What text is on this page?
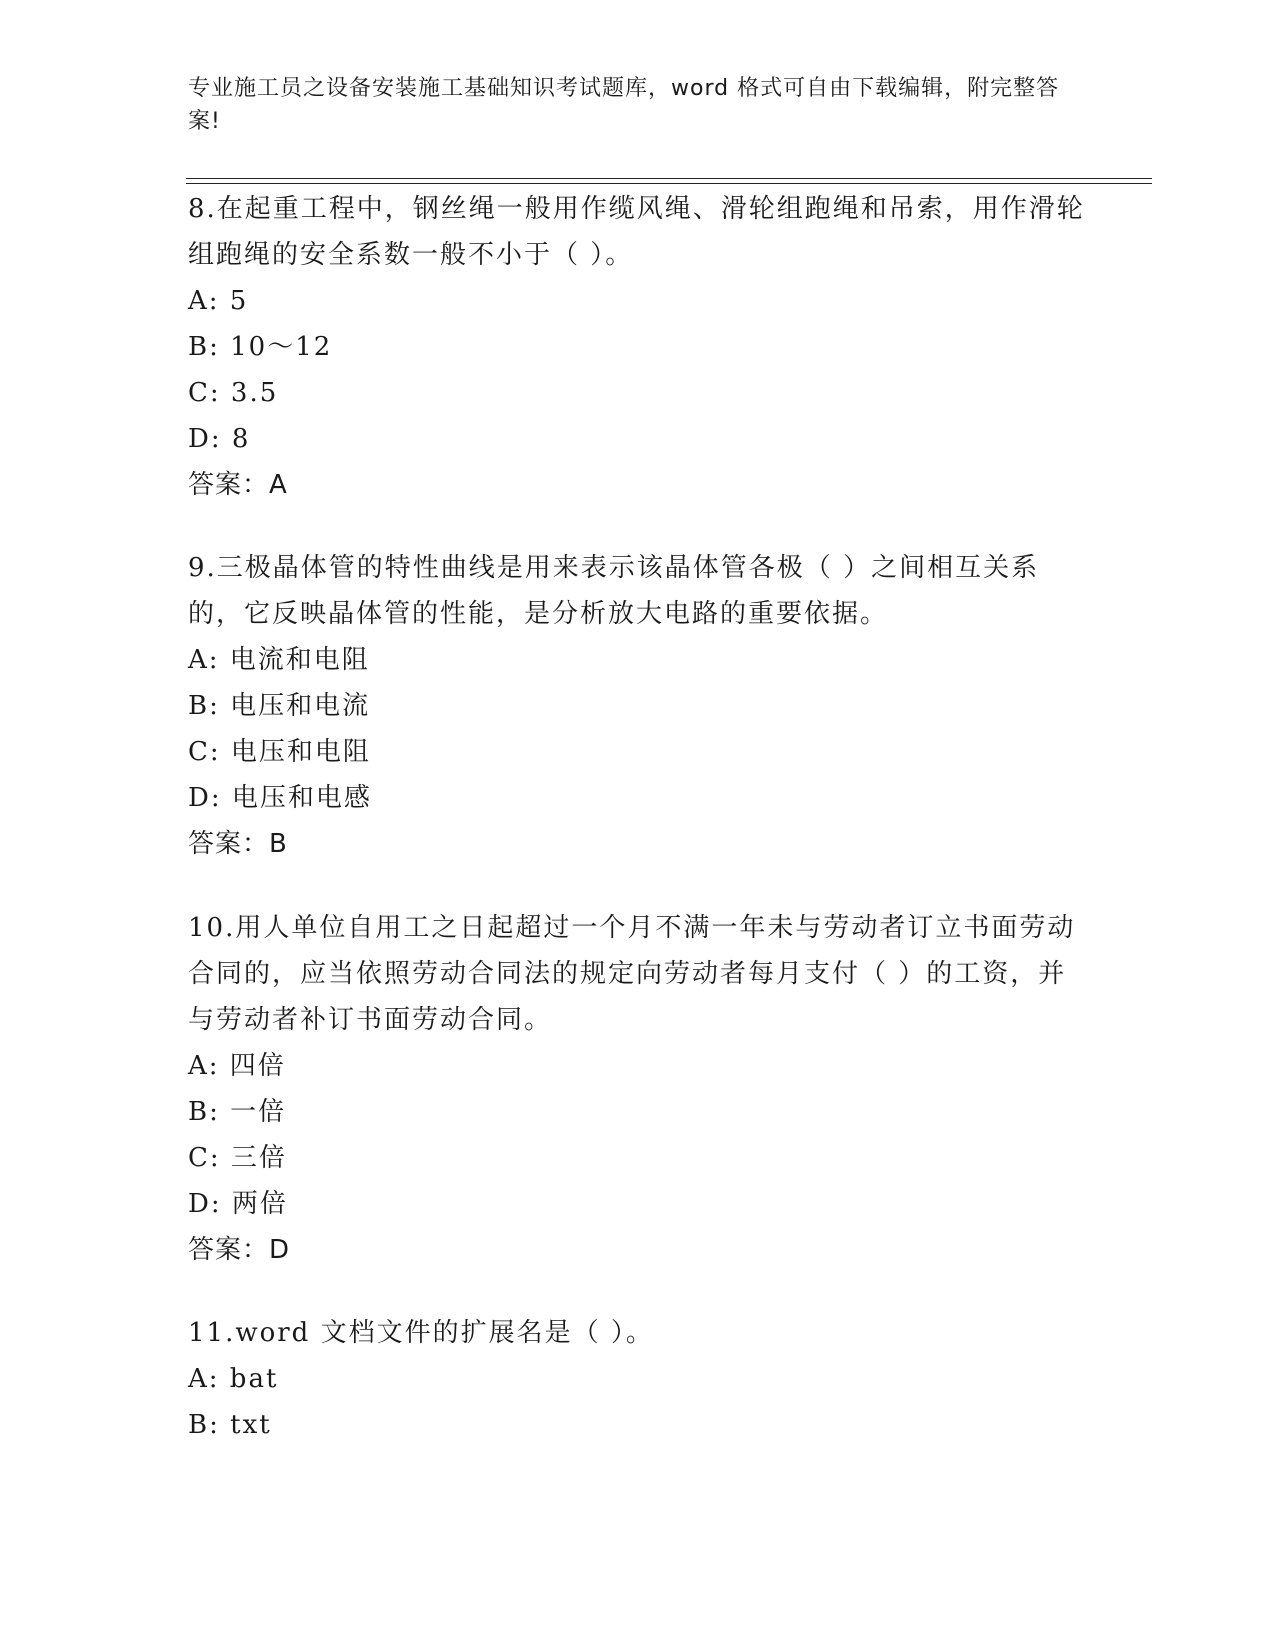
专业施工员之设备安装施工基础知识考试题库，word 格式可自由下载编辑，附完整答案!

8.在起重工程中，钢丝绳一般用作缆风绳、滑轮组跑绳和吊索，用作滑轮组跑绳的安全系数一般不小于（ ）。

A: 5

B: 10～12

C: 3.5

D: 8

答案：A

9.三极晶体管的特性曲线是用来表示该晶体管各极（ ）之间相互关系的，它反映晶体管的性能，是分析放大电路的重要依据。

A: 电流和电阻

B: 电压和电流

C: 电压和电阻

D: 电压和电感

答案：B

10.用人单位自用工之日起超过一个月不满一年未与劳动者订立书面劳动合同的，应当依照劳动合同法的规定向劳动者每月支付（ ）的工资，并与劳动者补订书面劳动合同。

A: 四倍

B: 一倍

C: 三倍

D: 两倍

答案：D

11.word 文档文件的扩展名是（ ）。

A: bat

B: txt
